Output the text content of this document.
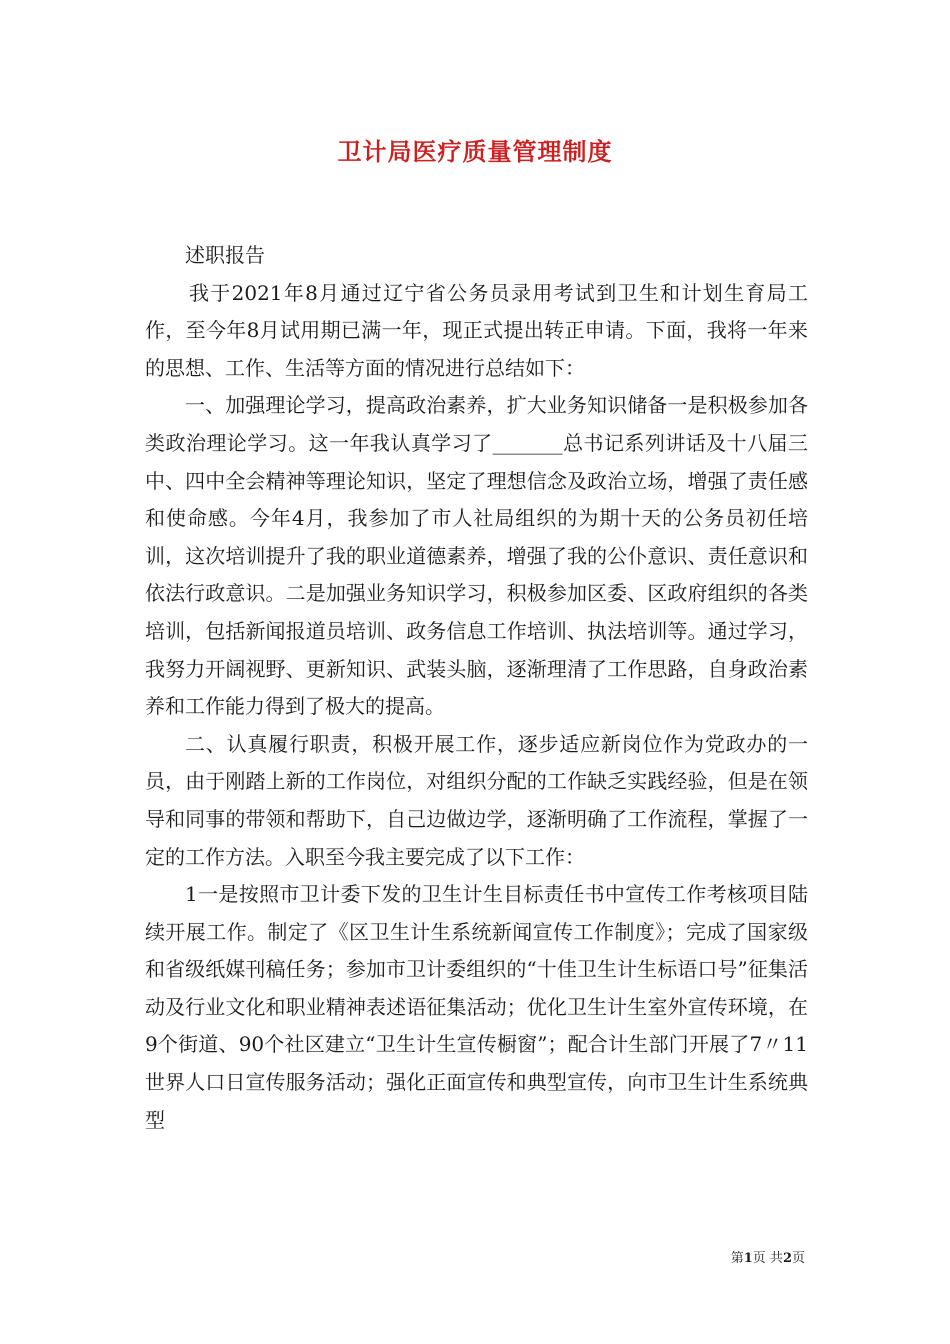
卫计局医疗质量管理制度

述职报告

我于2021年8月通过辽宁省公务员录用考试到卫生和计划生育局工作，至今年8月试用期已满一年，现正式提出转正申请。下面，我将一年来的思想、工作、生活等方面的情况进行总结如下：

一、加强理论学习，提高政治素养，扩大业务知识储备一是积极参加各类政治理论学习。这一年我认真学习了_______总书记系列讲话及十八届三中、四中全会精神等理论知识，坚定了理想信念及政治立场，增强了责任感和使命感。今年4月，我参加了市人社局组织的为期十天的公务员初任培训，这次培训提升了我的职业道德素养，增强了我的公仆意识、责任意识和依法行政意识。二是加强业务知识学习，积极参加区委、区政府组织的各类培训，包括新闻报道员培训、政务信息工作培训、执法培训等。通过学习，我努力开阔视野、更新知识、武装头脑，逐渐理清了工作思路，自身政治素养和工作能力得到了极大的提高。

二、认真履行职责，积极开展工作，逐步适应新岗位作为党政办的一员，由于刚踏上新的工作岗位，对组织分配的工作缺乏实践经验，但是在领导和同事的带领和帮助下，自己边做边学，逐渐明确了工作流程，掌握了一定的工作方法。入职至今我主要完成了以下工作：

1一是按照市卫计委下发的卫生计生目标责任书中宣传工作考核项目陆续开展工作。制定了《区卫生计生系统新闻宣传工作制度》；完成了国家级和省级纸媒刊稿任务；参加市卫计委组织的“十佳卫生计生标语口号”征集活动及行业文化和职业精神表述语征集活动；优化卫生计生室外宣传环境，在9个街道、90个社区建立“卫生计生宣传橱窗”；配合计生部门开展了7〃11世界人口日宣传服务活动；强化正面宣传和典型宣传，向市卫生计生系统典型

第1页 共2页
